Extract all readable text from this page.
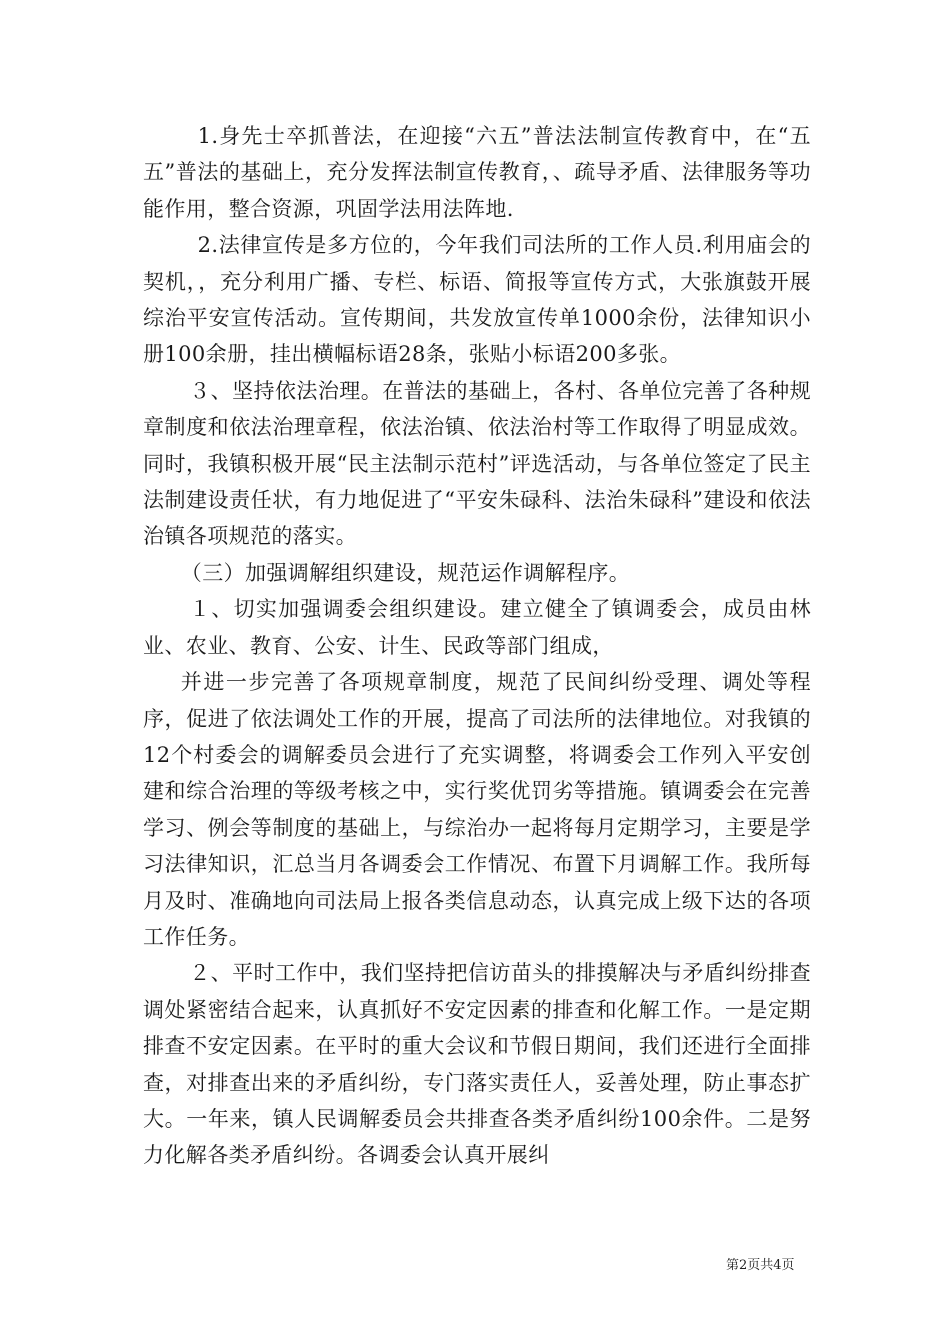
1.身先士卒抓普法，在迎接“六五”普法法制宣传教育中，在“五五”普法的基础上，充分发挥法制宣传教育，、疏导矛盾、法律服务等功能作用，整合资源，巩固学法用法阵地.

2.法律宣传是多方位的，今年我们司法所的工作人员.利用庙会的契机，，充分利用广播、专栏、标语、简报等宣传方式，大张旗鼓开展综治平安宣传活动。宣传期间，共发放宣传单1000余份，法律知识小册100余册，挂出横幅标语28条，张贴小标语200多张。

３、坚持依法治理。在普法的基础上，各村、各单位完善了各种规章制度和依法治理章程，依法治镇、依法治村等工作取得了明显成效。同时，我镇积极开展“民主法制示范村”评选活动，与各单位签定了民主法制建设责任状，有力地促进了“平安朱碌科、法治朱碌科”建设和依法治镇各项规范的落实。

（三）加强调解组织建设，规范运作调解程序。

１、切实加强调委会组织建设。建立健全了镇调委会，成员由林业、农业、教育、公安、计生、民政等部门组成，

并进一步完善了各项规章制度，规范了民间纠纷受理、调处等程序，促进了依法调处工作的开展，提高了司法所的法律地位。对我镇的12个村委会的调解委员会进行了充实调整，将调委会工作列入平安创建和综合治理的等级考核之中，实行奖优罚劣等措施。镇调委会在完善学习、例会等制度的基础上，与综治办一起将每月定期学习，主要是学习法律知识，汇总当月各调委会工作情况、布置下月调解工作。我所每月及时、准确地向司法局上报各类信息动态，认真完成上级下达的各项工作任务。

２、平时工作中，我们坚持把信访苗头的排摸解决与矛盾纠纷排查调处紧密结合起来，认真抓好不安定因素的排查和化解工作。一是定期排查不安定因素。在平时的重大会议和节假日期间，我们还进行全面排查，对排查出来的矛盾纠纷，专门落实责任人，妥善处理，防止事态扩大。一年来，镇人民调解委员会共排查各类矛盾纠纷100余件。二是努力化解各类矛盾纠纷。各调委会认真开展纠

第2页共4页
